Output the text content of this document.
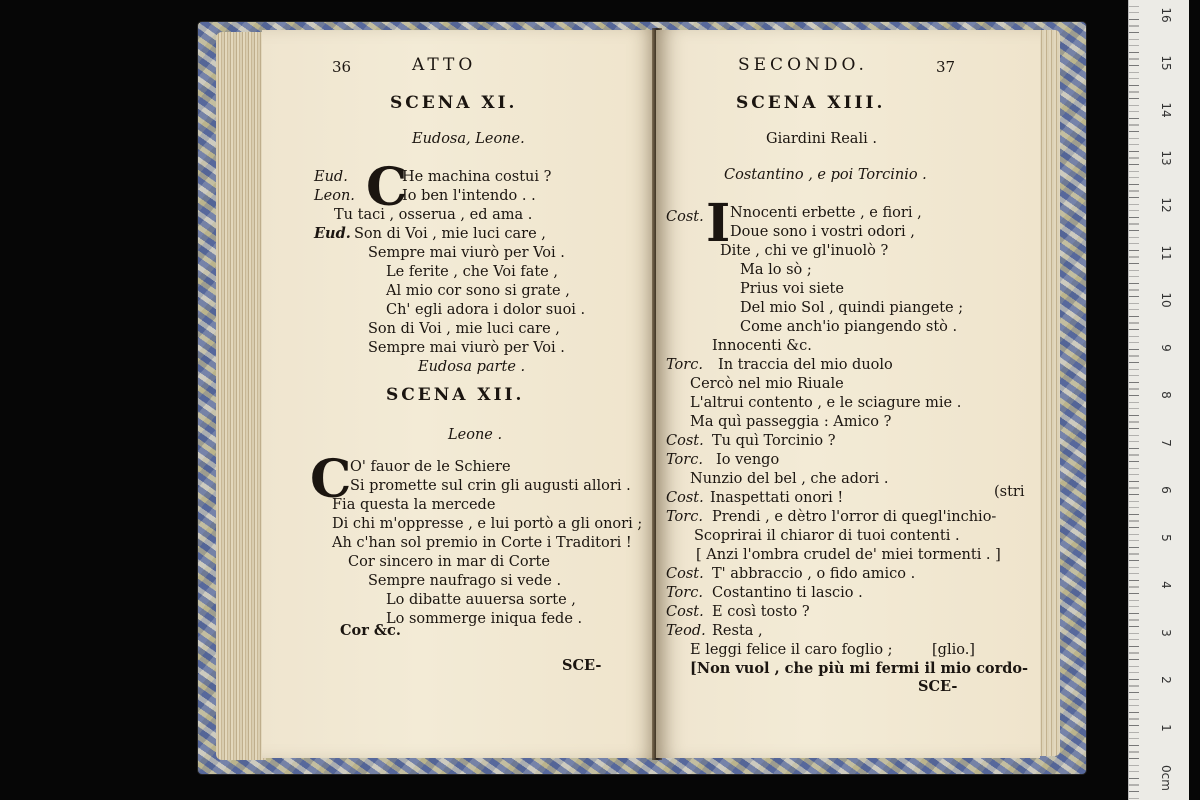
36	ATTO
SCENA XI.
Eudosa, Leone.
C
Eud.	He machina costui ?
Leon.	Io ben l'intendo . .
Tu taci , osserua , ed ama .
Eud. Son di Voi , mie luci care ,
Sempre mai viurò per Voi .
Le ferite , che Voi fate ,
Al mio cor sono si grate ,
Ch' egli adora i dolor suoi .
Son di Voi , mie luci care ,
Sempre mai viurò per Voi .
Eudosa parte .
SCENA XII.
Leone .
C
O' fauor de le Schiere
Si promette sul crin gli augusti allori .
Fia questa la mercede
Di chi m'oppresse , e lui portò a gli onori ;
Ah c'han sol premio in Corte i Traditori !
Cor sincero in mar di Corte
Sempre naufrago si vede .
Lo dibatte auuersa sorte ,
Lo sommerge iniqua fede .
Cor &c.
SCE-
SECONDO.	37
SCENA XIII.
Giardini Reali .
Costantino , e poi Torcinio .
I
Cost. Nnocenti erbette , e fiori ,
Doue sono i vostri odori ,
Dite , chi ve gl'inuolò ?
Ma lo sò ;
Prius voi siete
Del mio Sol , quindi piangete ;
Come anch'io piangendo stò .
Innocenti &c.
Torc. In traccia del mio duolo
Cercò nel mio Riuale
L'altrui contento , e le sciagure mie .
Ma quì passeggia : Amico ?
Cost. Tu quì Torcinio ?
Torc. Io vengo
Nunzio del bel , che adori .
Cost. Inaspettati onori !	(stri
Torc. Prendi , e dètro l'orror di quegl'inchio-
Scoprirai il chiaror di tuoi contenti .
[ Anzi l'ombra crudel de' miei tormenti . ]
Cost. T' abbraccio , o fido amico .
Torc. Costantino ti lascio .
Cost. E così tosto ?
Teod. Resta ,
E leggi felice il caro foglio ;	[glio.]
[Non vuol , che più mi fermi il mio cordo-
SCE-
16
15
14
13
12
11
10
9
8
7
6
5
4
3
2
1
0cm
